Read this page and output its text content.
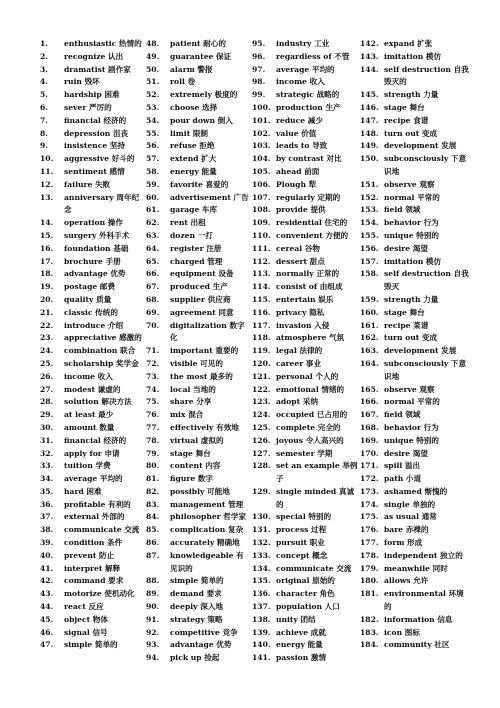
1.	enthusiastic 热情的
2.	recognize 认出
3.	dramatist 剧作家
4.	ruin 毁坏
5.	hardship 困难
6.	sever 严厉的
7.	financial 经济的
8.	depression 沮丧
9.	insistence 坚持
10.	aggressive 好斗的
11.	sentiment 感情
12.	failure 失败
13.	anniversary 周年纪念
14.	operation 操作
15.	surgery 外科手术
16.	foundation 基础
17.	brochure 手册
18.	advantage 优势
19.	postage 邮费
20.	quality 质量
21.	classic 传统的
22.	introduce 介绍
23.	appreciative 感激的
24.	combination 联合
25.	scholarship 奖学金
26.	income 收入
27.	modest 谦虚的
28.	solution 解决方法
29.	at least 最少
30.	amount 数量
31.	financial 经济的
32.	apply for 申请
33.	tuition 学费
34.	average 平均的
35.	hard 困难
36.	profitable 有利的
37.	external 外部的
38.	communicate 交流
39.	condition 条件
40.	prevent 防止
41.	interpret 解释
42.	command 要求
43.	motorize 使机动化
44.	react 反应
45.	object 物体
46.	signal 信号
47.	simple 简单的
48.	patient 耐心的
49.	guarantee 保证
50.	alarm 警报
51.	roll 卷
52.	extremely 极度的
53.	choose 选择
54.	pour down 倒入
55.	limit 限制
56.	refuse 拒绝
57.	extend 扩大
58.	energy 能量
59.	favorite 喜爱的
60.	advertisement 广告
61.	garage 车库
62.	rent 出租
63.	dozen 一打
64.	register 注册
65.	charged 管理
66.	equipment 设备
67.	produced 生产
68.	supplier 供应商
69.	agreement 同意
70.	digitalization 数字化
71.	important 重要的
72.	visible 可见的
73.	the most 最多的
74.	local 当地的
75.	share 分享
76.	mix 混合
77.	effectively 有效地
78.	virtual 虚拟的
79.	stage 舞台
80.	content 内容
81.	figure 数字
82.	possibly 可能地
83.	management 管理
84.	philosopher 哲学家
85.	complication 复杂
86.	accurately 精确地
87.	knowledgeable 有见识的
88.	simple 简单的
89.	demand 要求
90.	deeply 深入地
91.	strategy 策略
92.	competitive 竞争
93.	advantage 优势
94.	pick up 捡起
95.	industry 工业
96.	regardless of 不管
97.	average 平均的
98.	income 收入
99.	strategic 战略的
100. production 生产
101. reduce 减少
102. value 价值
103. leads to 导致
104. by contrast 对比
105. ahead 前面
106. Plough 犁
107. regularly 定期的
108. provide 提供
109. residential 住宅的
110. convenient 方便的
111. cereal 谷物
112. dessert 甜点
113. normally 正常的
114. consist of 由组成
115. entertain 娱乐
116. privacy 隐私
117. invasion 入侵
118. atmosphere 气氛
119. legal 法律的
120. career 事业
121. personal 个人的
122. emotional 情绪的
123. adopt 采纳
124. occupied 已占用的
125. complete 完全的
126. joyous 令人高兴的
127. semester 学期
128. set an example 举例子
129. single minded 真诚的
130. special 特别的
131. process 过程
132. pursuit 职业
133. concept 概念
134. communicate 交流
135. original 原始的
136. character 角色
137. population 人口
138. unity 团结
139. achieve 成就
140. energy 能量
141. passion 激情
142. expand 扩张
143. imitation 模仿
144. self destruction 自我毁灭的
145. strength 力量
146. stage 舞台
147. recipe 食谱
148. turn out 变成
149. development 发展
150. subconsciously 下意识地
151. observe 观察
152. normal 平常的
153. field 领域
154. behavior 行为
155. unique 特别的
156. desire 渴望
157. imitation 模仿
158. self destruction 自我毁灭
159. strength 力量
160. stage 舞台
161. recipe 菜谱
162. turn out 变成
163. development 发展
164. subconsciously 下意识地
165. observe 观察
166. normal 平常的
167. field 领域
168. behavior 行为
169. unique 特别的
170. desire 渴望
171. spill 溢出
172. path 小道
173. ashamed 惭愧的
174. single 单独的
175. as usual 通常
176. bare 赤裸的
177. form 形成
178. independent 独立的
179. meanwhile 同时
180. allows 允许
181. environmental 环境的
182. information 信息
183. icon 图标
184. community 社区
